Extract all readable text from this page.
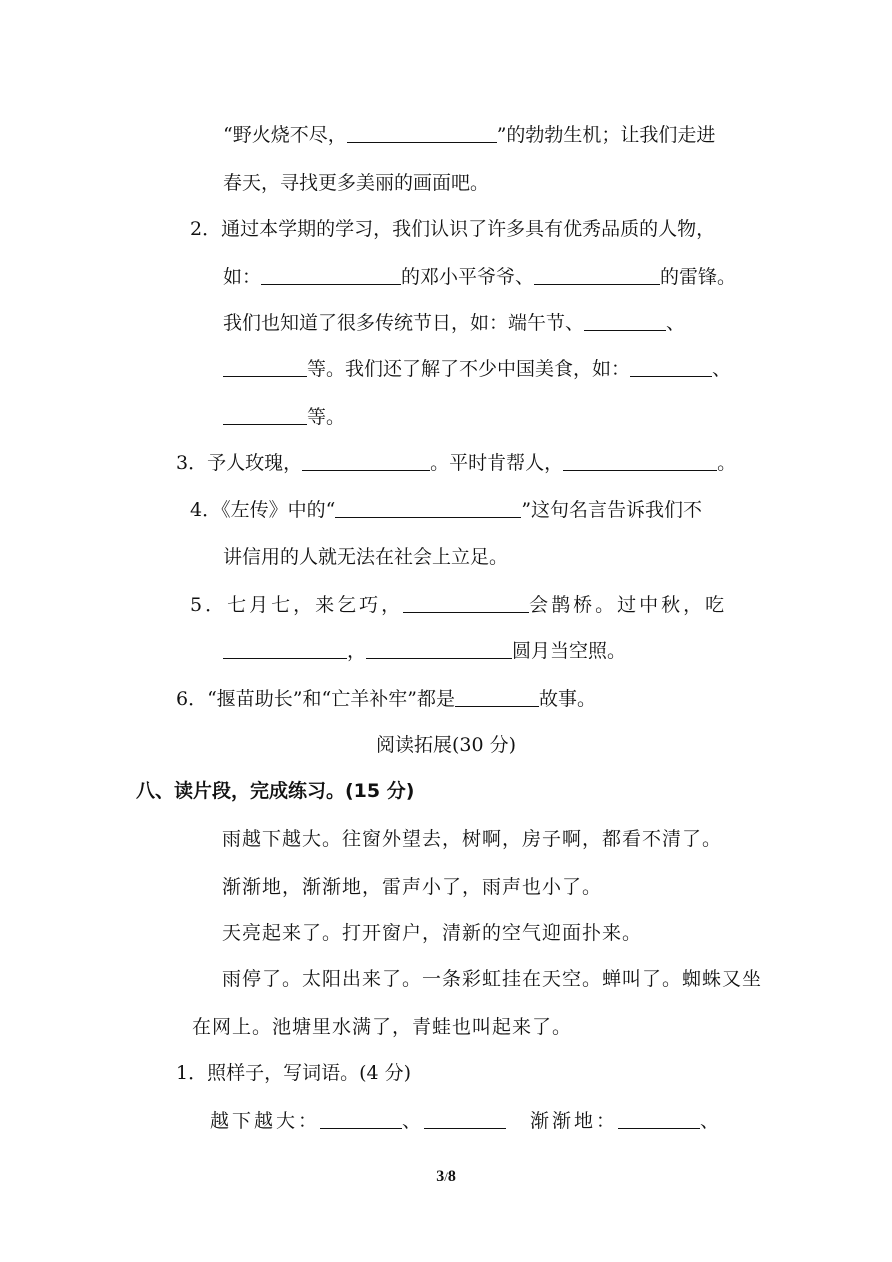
“野火烧不尽，	”的勃勃生机；让我们走进
春天，寻找更多美丽的画面吧。
2．通过本学期的学习，我们认识了许多具有优秀品质的人物，
如：	的邓小平爷爷、	的雷锋。
我们也知道了很多传统节日，如：端午节、	、
等。我们还了解了不少中国美食，如：	、
等。
3．予人玫瑰，	。平时肯帮人，	。
4．《左传》中的“	”这句名言告诉我们不
讲信用的人就无法在社会上立足。
5．七月七，来乞巧，	会鹊桥。过中秋，吃
，	圆月当空照。
6．“揠苗助长”和“亡羊补牢”都是	故事。
阅读拓展(30 分)
八、读片段，完成练习。(15 分)
雨越下越大。往窗外望去，树啊，房子啊，都看不清了。
渐渐地，渐渐地，雷声小了，雨声也小了。
天亮起来了。打开窗户，清新的空气迎面扑来。
雨停了。太阳出来了。一条彩虹挂在天空。蝉叫了。蜘蛛又坐
在网上。池塘里水满了，青蛙也叫起来了。
1．照样子，写词语。(4 分)
越下越大：	、	渐渐地：	、
3/8
